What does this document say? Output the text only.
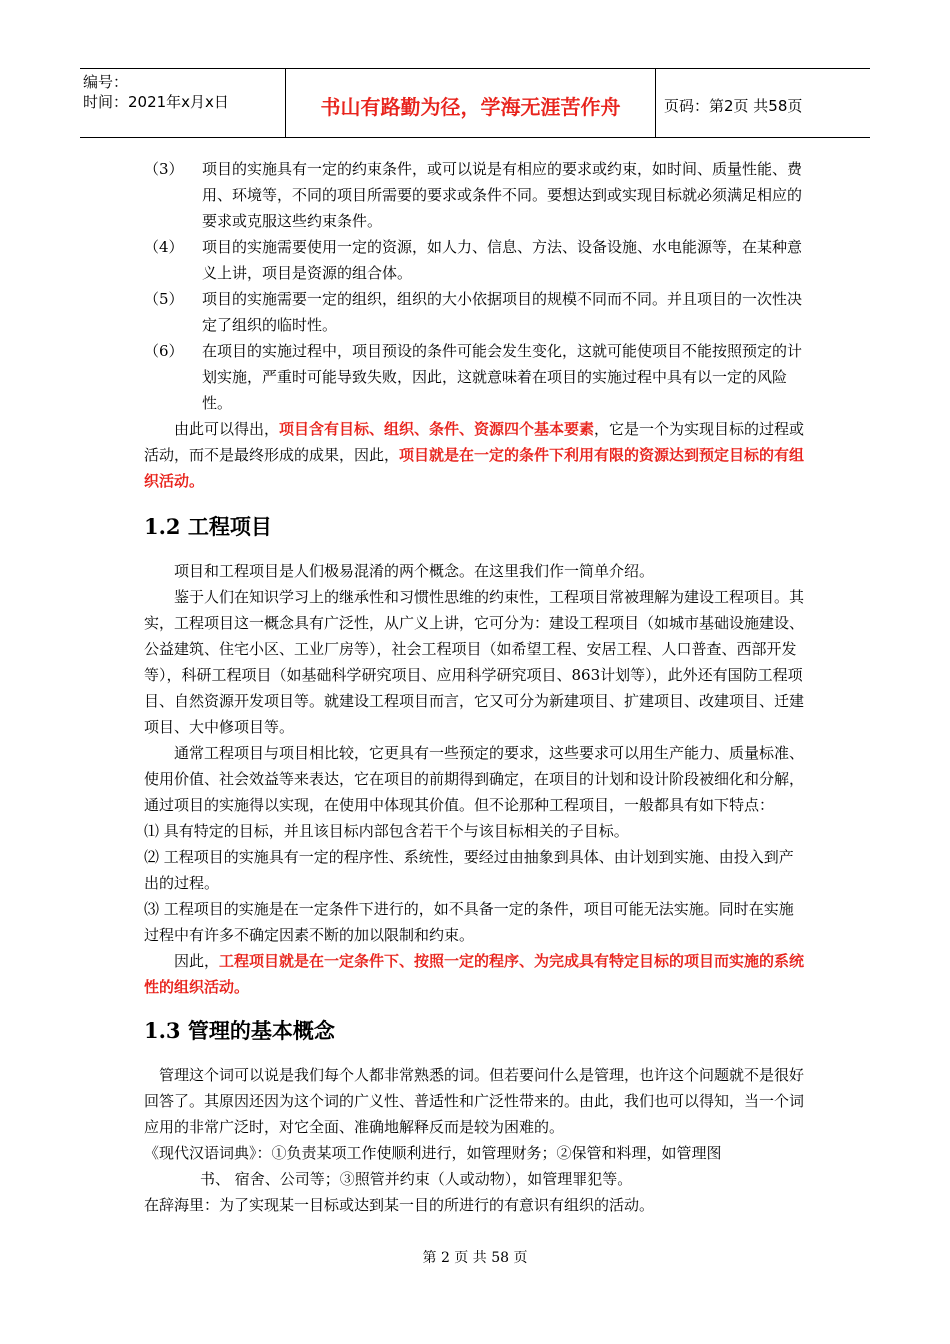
编号：
时间：2021年x月x日	书山有路勤为径，学海无涯苦作舟	页码：第2页 共58页
（3）	项目的实施具有一定的约束条件，或可以说是有相应的要求或约束，如时间、质量性能、费用、环境等，不同的项目所需要的要求或条件不同。要想达到或实现目标就必须满足相应的要求或克服这些约束条件。
（4）	项目的实施需要使用一定的资源，如人力、信息、方法、设备设施、水电能源等，在某种意义上讲，项目是资源的组合体。
（5）	项目的实施需要一定的组织，组织的大小依据项目的规模不同而不同。并且项目的一次性决定了组织的临时性。
（6）	在项目的实施过程中，项目预设的条件可能会发生变化，这就可能使项目不能按照预定的计划实施，严重时可能导致失败，因此，这就意味着在项目的实施过程中具有以一定的风险性。

由此可以得出，项目含有目标、组织、条件、资源四个基本要素，它是一个为实现目标的过程或活动，而不是最终形成的成果，因此，项目就是在一定的条件下利用有限的资源达到预定目标的有组织活动。

1.2 工程项目

项目和工程项目是人们极易混淆的两个概念。在这里我们作一简单介绍。

鉴于人们在知识学习上的继承性和习惯性思维的约束性，工程项目常被理解为建设工程项目。其实，工程项目这一概念具有广泛性，从广义上讲，它可分为：建设工程项目（如城市基础设施建设、公益建筑、住宅小区、工业厂房等），社会工程项目（如希望工程、安居工程、人口普查、西部开发等），科研工程项目（如基础科学研究项目、应用科学研究项目、863计划等），此外还有国防工程项目、自然资源开发项目等。就建设工程项目而言，它又可分为新建项目、扩建项目、改建项目、迁建项目、大中修项目等。

通常工程项目与项目相比较，它更具有一些预定的要求，这些要求可以用生产能力、质量标准、使用价值、社会效益等来表达，它在项目的前期得到确定，在项目的计划和设计阶段被细化和分解，通过项目的实施得以实现，在使用中体现其价值。但不论那种工程项目，一般都具有如下特点：

⑴ 具有特定的目标，并且该目标内部包含若干个与该目标相关的子目标。

⑵ 工程项目的实施具有一定的程序性、系统性，要经过由抽象到具体、由计划到实施、由投入到产出的过程。

⑶ 工程项目的实施是在一定条件下进行的，如不具备一定的条件，项目可能无法实施。同时在实施过程中有许多不确定因素不断的加以限制和约束。

因此，工程项目就是在一定条件下、按照一定的程序、为完成具有特定目标的项目而实施的系统性的组织活动。

1.3 管理的基本概念

管理这个词可以说是我们每个人都非常熟悉的词。但若要问什么是管理，也许这个问题就不是很好回答了。其原因还因为这个词的广义性、普适性和广泛性带来的。由此，我们也可以得知，当一个词应用的非常广泛时，对它全面、准确地解释反而是较为困难的。

《现代汉语词典》：①负责某项工作使顺利进行，如管理财务；②保管和料理，如管理图

书、 宿舍、公司等；③照管并约束（人或动物），如管理罪犯等。

在辞海里：为了实现某一目标或达到某一目的所进行的有意识有组织的活动。

第 2 页 共 58 页
